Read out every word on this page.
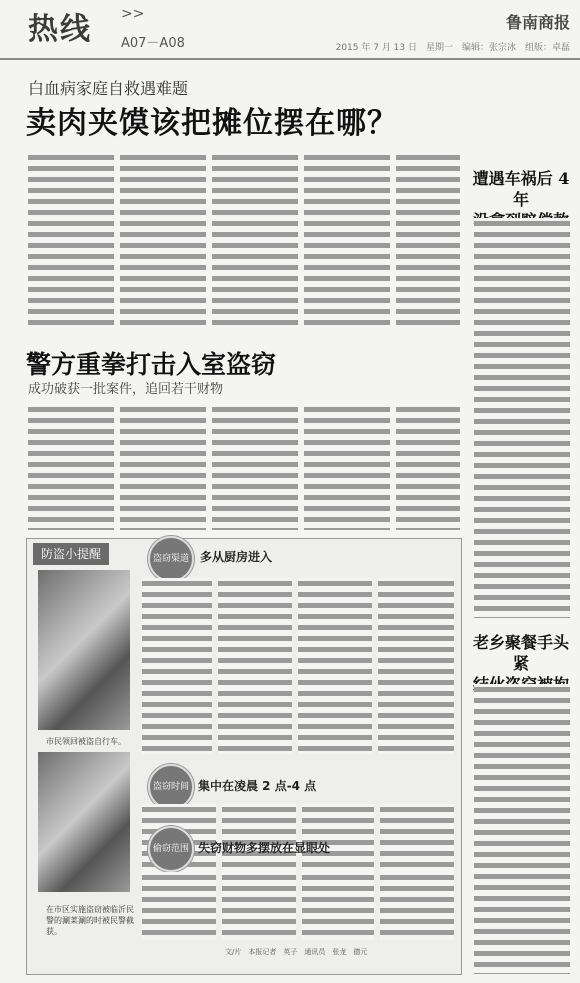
热线 >>
A07－A08
鲁南商报
2015 年 7 月 13 日　星期一　编辑：张宗冰　组版：卓磊
白血病家庭自救遇难题
卖肉夹馍该把摊位摆在哪？
遭遇车祸后 4 年
老乡聚餐手头紧
警方重拳打击入室盗窃
成功破获一批案件，追回若干财物
防盗小提醒
市民领回被盗自行车。
在市区实施盗窃被临沂民警的涮菜涮的时被民警截获。
盗窃渠道 多从厨房进入
盗窃时间 集中在凌晨 2 点-4 点
偷窃范围 失窃财物多摆放在显眼处
文/片　本报记者　英子　通讯员　张龙　德元
